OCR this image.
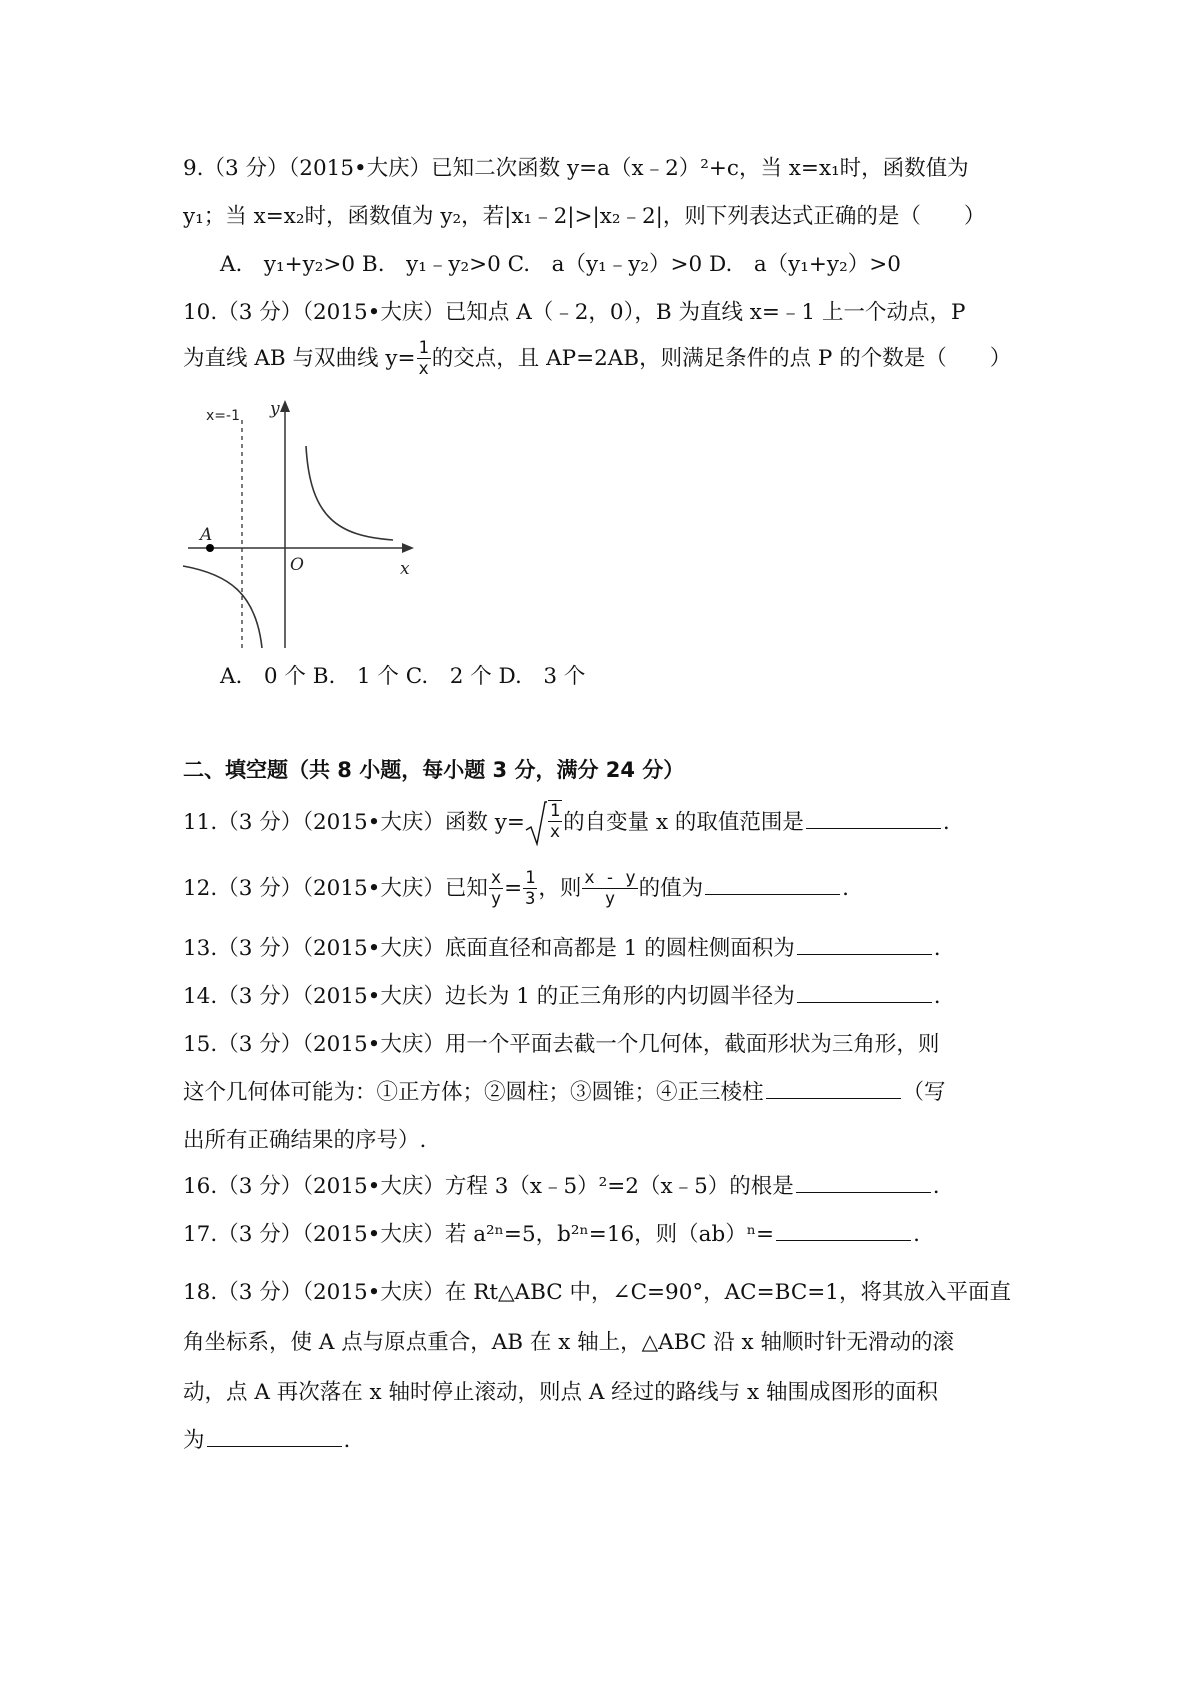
9.（3 分）（2015•大庆）已知二次函数 y=a（x﹣2）²+c，当 x=x₁时，函数值为
y₁；当 x=x₂时，函数值为 y₂，若|x₁﹣2|>|x₂﹣2|，则下列表达式正确的是（　　）
A.　y₁+y₂>0 B.　y₁﹣y₂>0 C.　a（y₁﹣y₂）>0 D.　a（y₁+y₂）>0
10.（3 分）（2015•大庆）已知点 A（﹣2，0），B 为直线 x=﹣1 上一个动点，P
为直线 AB 与双曲线 $y= \frac{1}{x}$ 的交点，且 AP=2AB，则满足条件的点 P 的个数是（　　）
A
x=-1 y
x
O
A.　0 个 B.　1 个 C.　2 个 D.　3 个
二、填空题（共 8 小题，每小题 3 分，满分 24 分）
11.（3 分）（2015•大庆）函数 $y= \frac{1}{x}$ 的自变量 x 的取值范围是	.
12.（3 分）（2015•大庆）已知 $\frac{x}{y} = \frac{1}{3}$ ，则 $\frac{x - y}{y}$ 的值为	.
13.（3 分）（2015•大庆）底面直径和高都是 1 的圆柱侧面积为	.
14.（3 分）（2015•大庆）边长为 1 的正三角形的内切圆半径为	.
15.（3 分）（2015•大庆）用一个平面去截一个几何体，截面形状为三角形，则
这个几何体可能为：①正方体；②圆柱；③圆锥；④正三棱柱	（写
出所有正确结果的序号）.
16.（3 分）（2015•大庆）方程 3（x﹣5）²=2（x﹣5）的根是	.
17.（3 分）（2015•大庆）若 a²ⁿ=5，b²ⁿ=16，则（ab）ⁿ=	.
18.（3 分）（2015•大庆）在 Rt△ABC 中，∠C=90°，AC=BC=1，将其放入平面直
角坐标系，使 A 点与原点重合，AB 在 x 轴上，△ABC 沿 x 轴顺时针无滑动的滚
动，点 A 再次落在 x 轴时停止滚动，则点 A 经过的路线与 x 轴围成图形的面积
为	.
